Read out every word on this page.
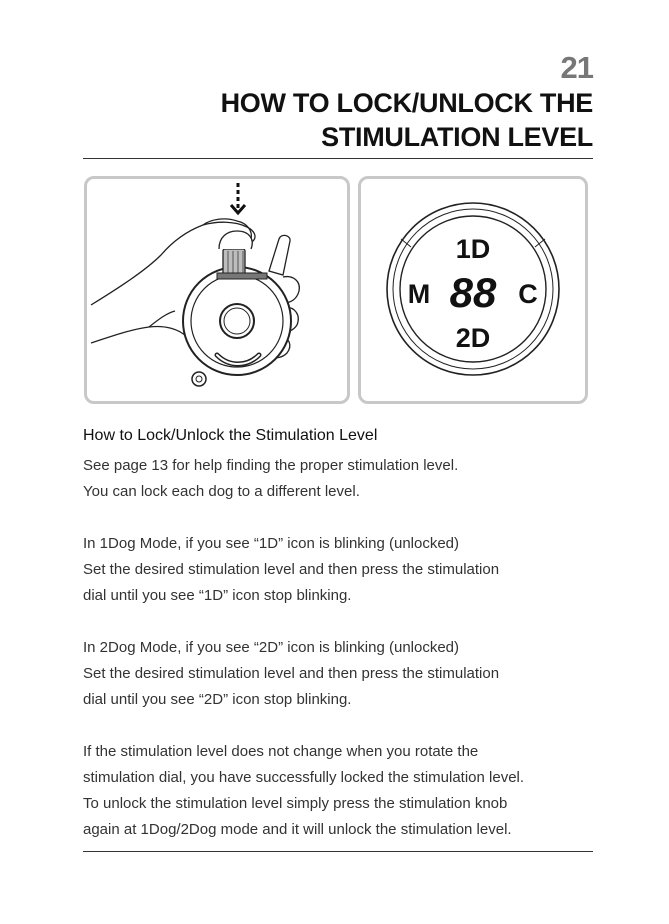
21
HOW TO LOCK/UNLOCK THE
STIMULATION LEVEL
1D
M 88 C
2D
How to Lock/Unlock the Stimulation Level

See page 13 for help finding the proper stimulation level.

You can lock each dog to a different level.

In 1Dog Mode, if you see “1D” icon is blinking (unlocked)

Set the desired stimulation level and then press the stimulation

dial until you see “1D” icon stop blinking.

In 2Dog Mode, if you see “2D” icon is blinking (unlocked)

Set the desired stimulation level and then press the stimulation

dial until you see “2D” icon stop blinking.

If the stimulation level does not change when you rotate the

stimulation dial, you have successfully locked the stimulation level.

To unlock the stimulation level simply press the stimulation knob

again at 1Dog/2Dog mode and it will unlock the stimulation level.
